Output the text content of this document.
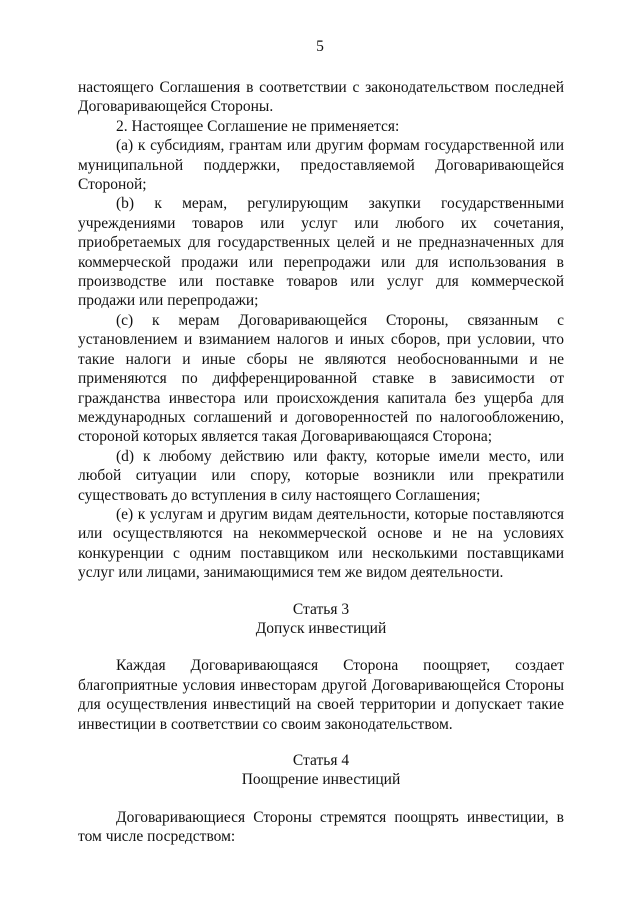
5

настоящего Соглашения в соответствии с законодательством последней Договаривающейся Стороны.

2. Настоящее Соглашение не применяется:

(a) к субсидиям, грантам или другим формам государственной или муниципальной поддержки, предоставляемой Договаривающейся Стороной;

(b) к мерам, регулирующим закупки государственными учреждениями товаров или услуг или любого их сочетания, приобретаемых для государственных целей и не предназначенных для коммерческой продажи или перепродажи или для использования в производстве или поставке товаров или услуг для коммерческой продажи или перепродажи;

(c) к мерам Договаривающейся Стороны, связанным с установлением и взиманием налогов и иных сборов, при условии, что такие налоги и иные сборы не являются необоснованными и не применяются по дифференцированной ставке в зависимости от гражданства инвестора или происхождения капитала без ущерба для международных соглашений и договоренностей по налогообложению, стороной которых является такая Договаривающаяся Сторона;

(d) к любому действию или факту, которые имели место, или любой ситуации или спору, которые возникли или прекратили существовать до вступления в силу настоящего Соглашения;

(e) к услугам и другим видам деятельности, которые поставляются или осуществляются на некоммерческой основе и не на условиях конкуренции с одним поставщиком или несколькими поставщиками услуг или лицами, занимающимися тем же видом деятельности.

Статья 3

Допуск инвестиций

Каждая Договаривающаяся Сторона поощряет, создает благоприятные условия инвесторам другой Договаривающейся Стороны для осуществления инвестиций на своей территории и допускает такие инвестиции в соответствии со своим законодательством.

Статья 4

Поощрение инвестиций

Договаривающиеся Стороны стремятся поощрять инвестиции, в том числе посредством:
